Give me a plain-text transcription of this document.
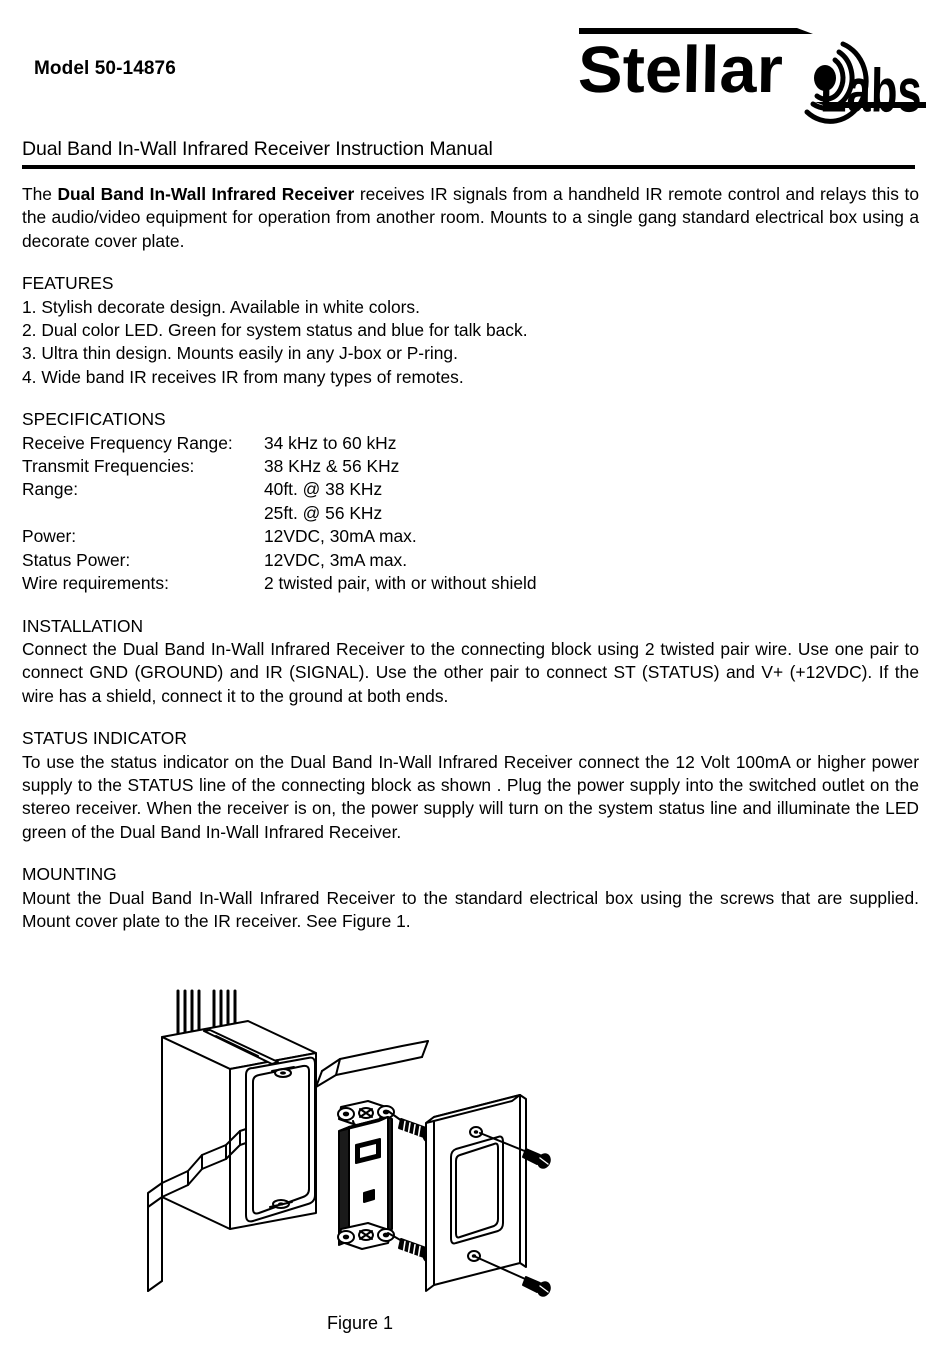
Model 50-14876	Stellar	Labs
Dual Band In-Wall Infrared Receiver Instruction Manual

The Dual Band In-Wall Infrared Receiver receives IR signals from a handheld IR remote control and relays this to the audio/video equipment for operation from another room. Mounts to a single gang standard electrical box using a decorate cover plate.

FEATURES
1. Stylish decorate design. Available in white colors.
2. Dual color LED. Green for system status and blue for talk back.
3. Ultra thin design. Mounts easily in any J-box or P-ring.
4. Wide band IR receives IR from many types of remotes.
SPECIFICATIONS
Receive Frequency Range:	34 kHz to 60 kHz
Transmit Frequencies:	38 KHz & 56 KHz
Range:	40ft. @ 38 KHz
	25ft. @ 56 KHz
Power:	12VDC, 30mA max.
Status Power:	12VDC, 3mA max.
Wire requirements:	2 twisted pair, with or without shield
INSTALLATION

Connect the Dual Band In-Wall Infrared Receiver to the connecting block using 2 twisted pair wire. Use one pair to connect GND (GROUND) and IR (SIGNAL). Use the other pair to connect ST (STATUS) and V+ (+12VDC). If the wire has a shield, connect it to the ground at both ends.

STATUS INDICATOR

To use the status indicator on the Dual Band In-Wall Infrared Receiver connect the 12 Volt 100mA or higher power supply to the STATUS line of the connecting block as shown . Plug the power supply into the switched outlet on the stereo receiver. When the receiver is on, the power supply will turn on the system status line and illuminate the LED green of the Dual Band In-Wall Infrared Receiver.

MOUNTING

Mount the Dual Band In-Wall Infrared Receiver to the standard electrical box using the screws that are supplied. Mount cover plate to the IR receiver. See Figure 1.

Figure 1
